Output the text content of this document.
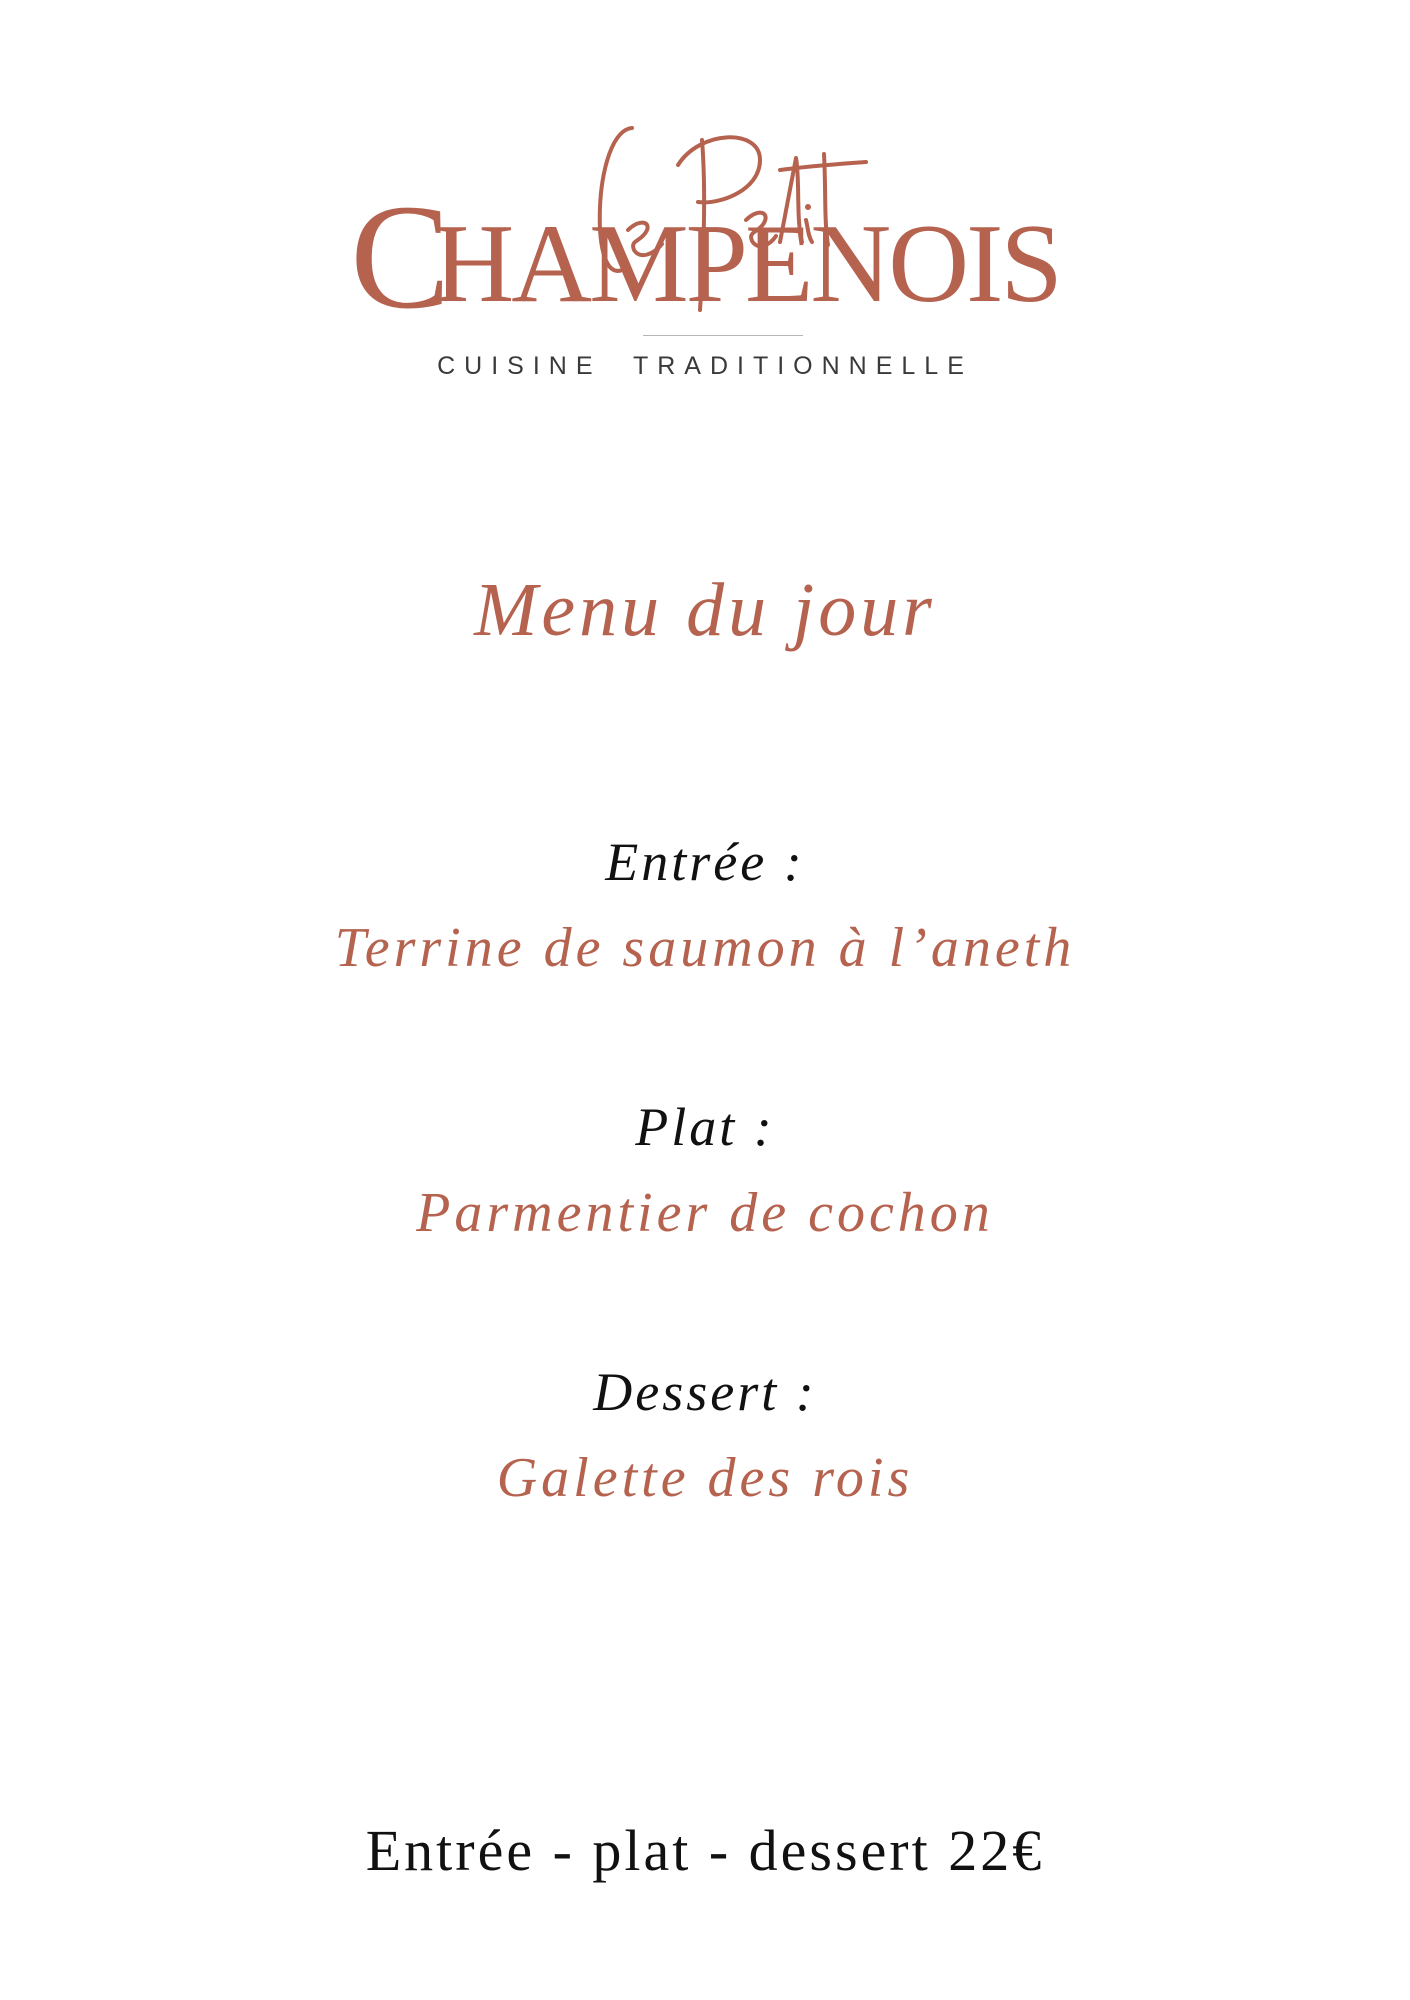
CHAMPENOIS
CUISINE  TRADITIONNELLE
Menu du jour
Entrée :
Terrine de saumon à l’aneth
Plat :
Parmentier de cochon
Dessert :
Galette des rois
Entrée - plat - dessert 22€
